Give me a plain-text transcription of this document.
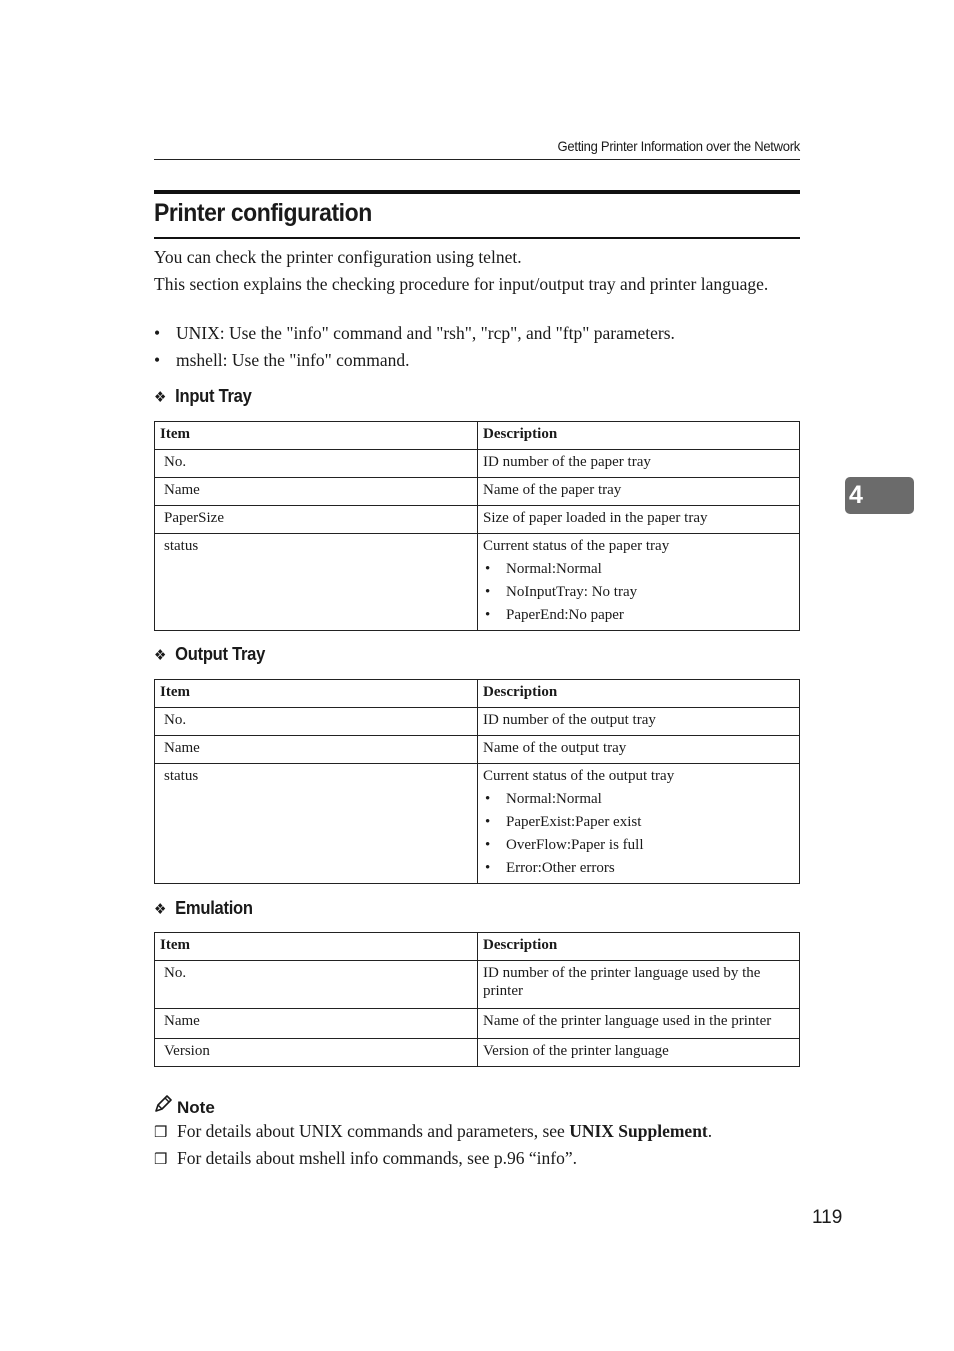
Getting Printer Information over the Network
Printer configuration

You can check the printer configuration using telnet.

This section explains the checking procedure for input/output tray and printer language.

• UNIX: Use the "info" command and "rsh", "rcp", and "ftp" parameters.
• mshell: Use the "info" command.
❖ Input Tray
Item	Description
No.	ID number of the paper tray
Name	Name of the paper tray
PaperSize	Size of paper loaded in the paper tray
status	Current status of the paper tray
• Normal:Normal
• NoInputTray: No tray
• PaperEnd:No paper
❖ Output Tray
Item	Description
No.	ID number of the output tray
Name	Name of the output tray
status	Current status of the output tray
• Normal:Normal
• PaperExist:Paper exist
• OverFlow:Paper is full
• Error:Other errors
❖ Emulation
Item	Description
No.	ID number of the printer language used by the printer
Name	Name of the printer language used in the printer
Version	Version of the printer language
Note
❒ For details about UNIX commands and parameters, see UNIX Supplement.
❒ For details about mshell info commands, see p.96 “info”.
4
119
